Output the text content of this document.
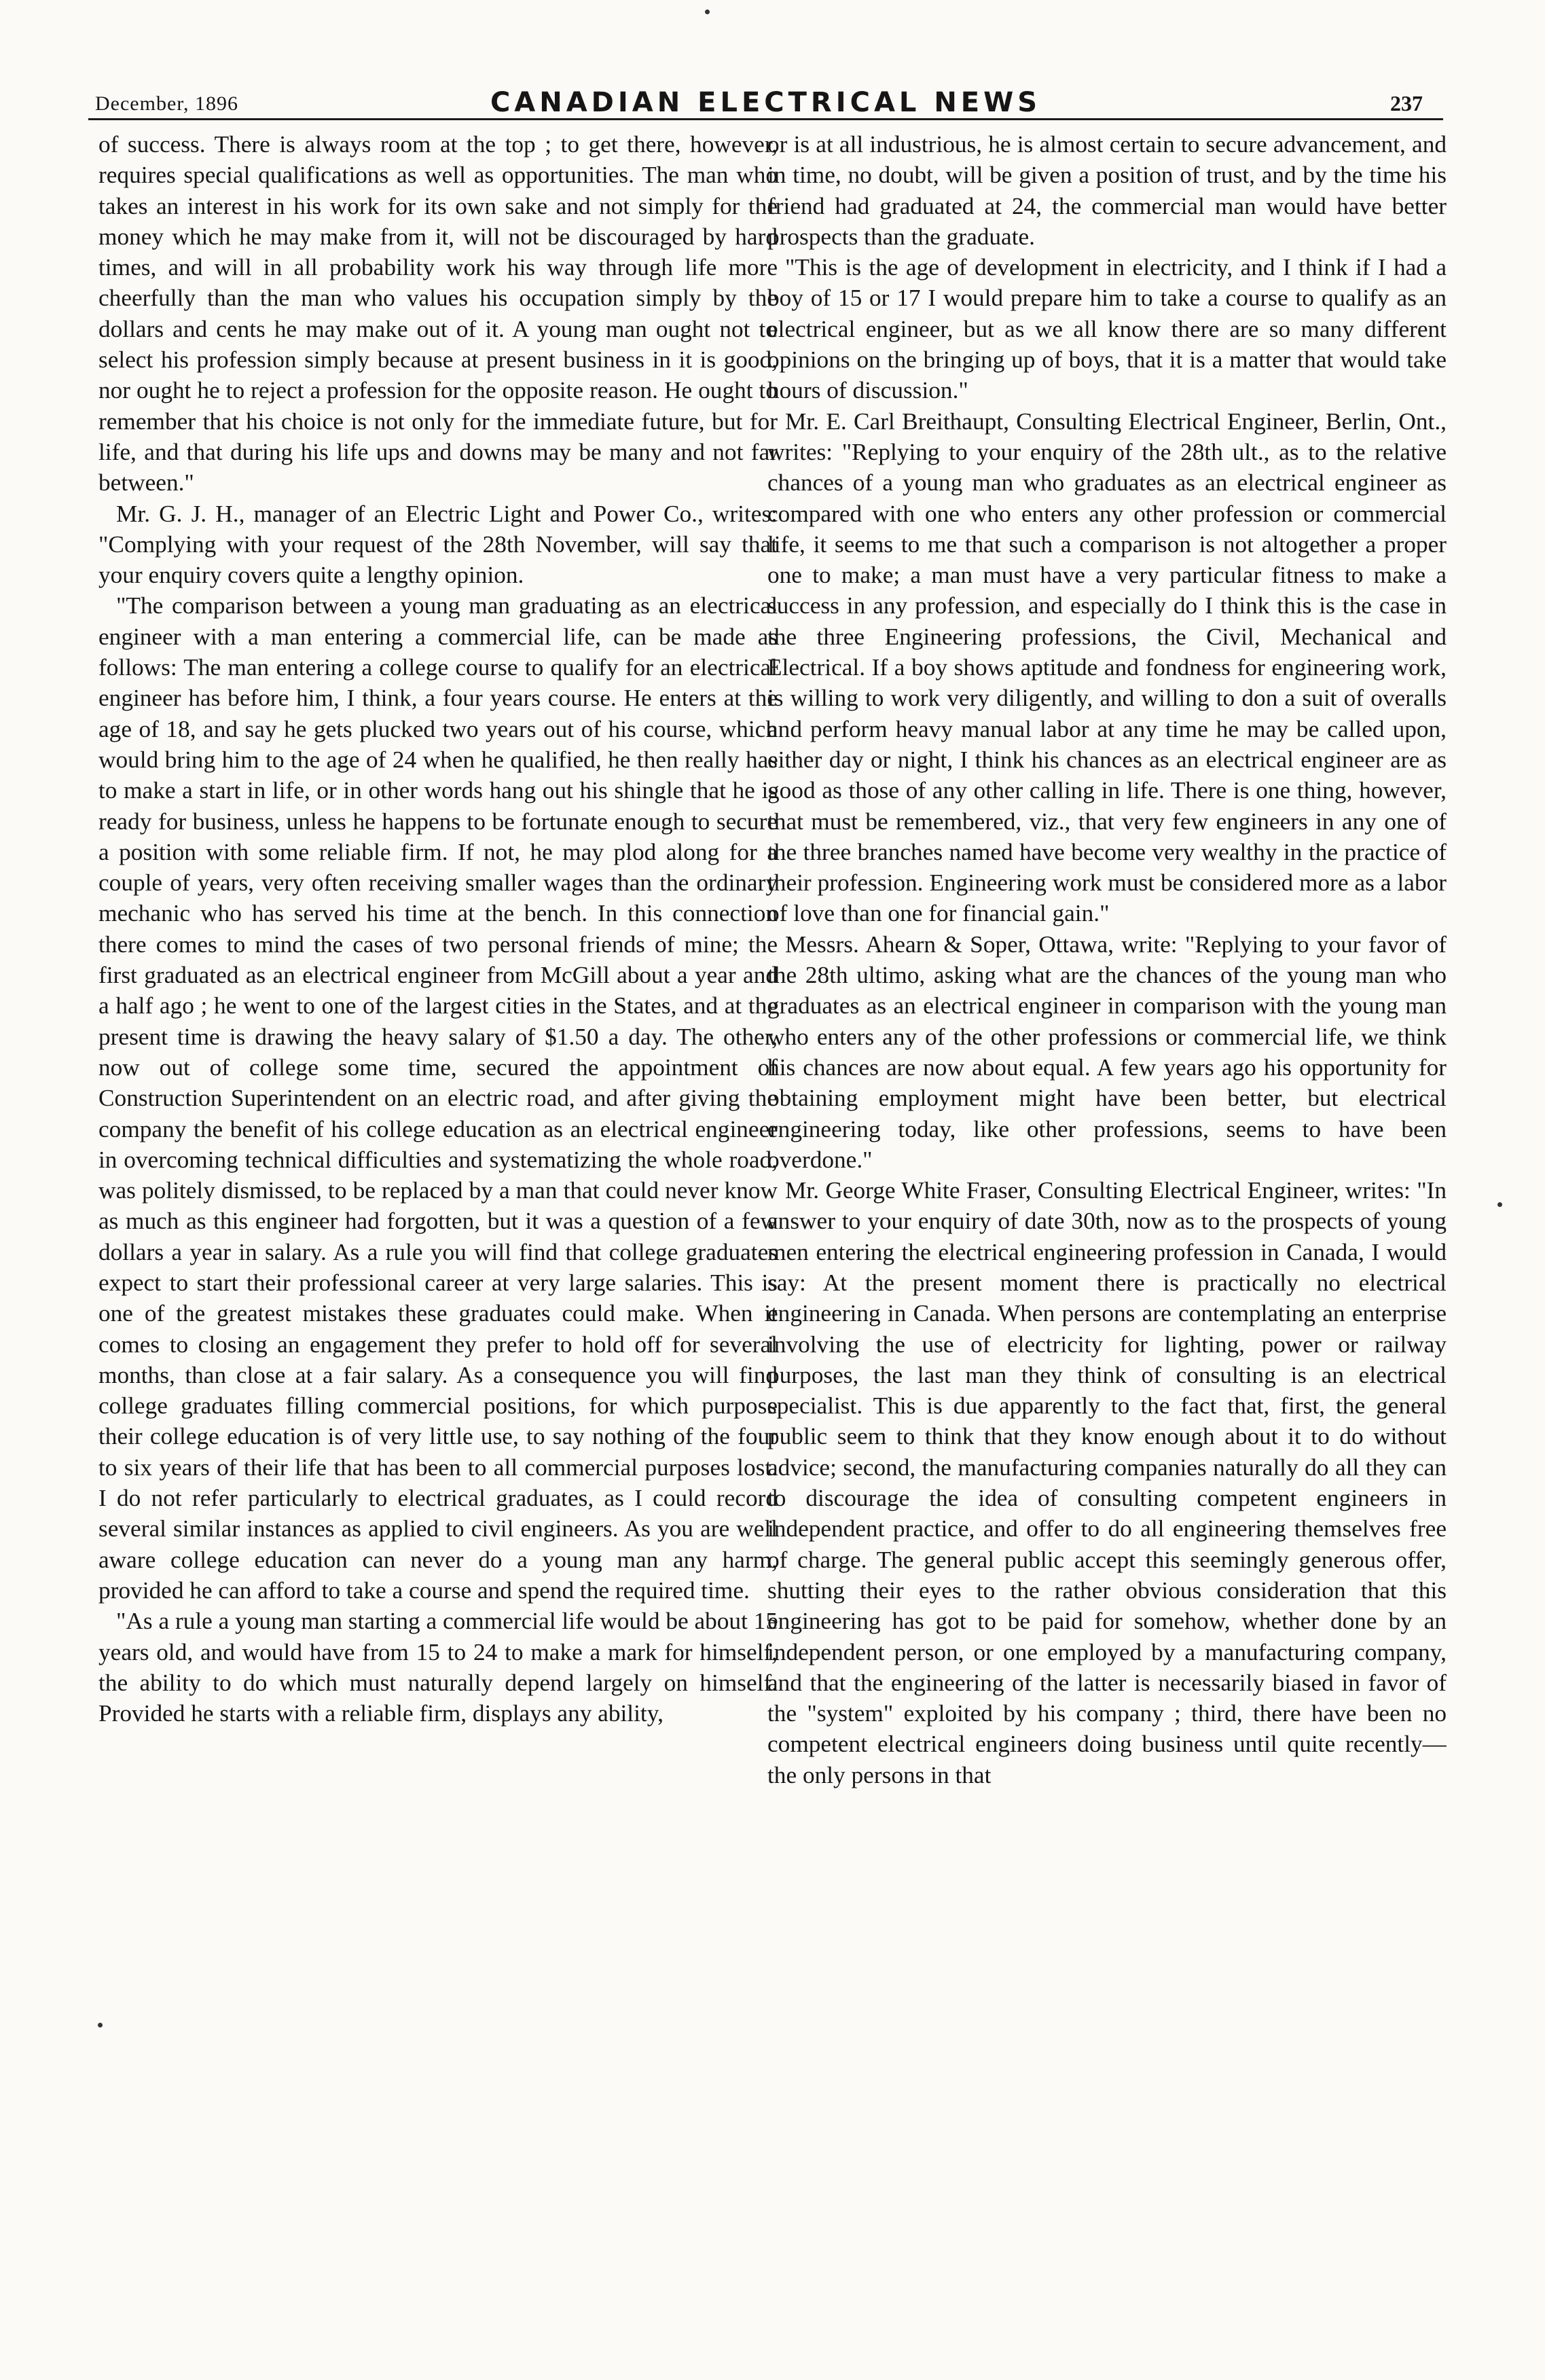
December, 1896	CANADIAN ELECTRICAL NEWS	237

of success. There is always room at the top ; to get there, however, requires special qualifications as well as opportunities. The man who takes an interest in his work for its own sake and not simply for the money which he may make from it, will not be discouraged by hard times, and will in all probability work his way through life more cheerfully than the man who values his occupation simply by the dollars and cents he may make out of it. A young man ought not to select his profession simply because at present business in it is good, nor ought he to reject a profession for the opposite reason. He ought to remember that his choice is not only for the immediate future, but for life, and that during his life ups and downs may be many and not far between."

Mr. G. J. H., manager of an Electric Light and Power Co., writes: "Complying with your request of the 28th November, will say that your enquiry covers quite a lengthy opinion.

"The comparison between a young man graduating as an electrical engineer with a man entering a commercial life, can be made as follows: The man entering a college course to qualify for an electrical engineer has before him, I think, a four years course. He enters at the age of 18, and say he gets plucked two years out of his course, which would bring him to the age of 24 when he qualified, he then really has to make a start in life, or in other words hang out his shingle that he is ready for business, unless he happens to be fortunate enough to secure a position with some reliable firm. If not, he may plod along for a couple of years, very often receiving smaller wages than the ordinary mechanic who has served his time at the bench. In this connection there comes to mind the cases of two personal friends of mine; the first graduated as an electrical engineer from McGill about a year and a half ago ; he went to one of the largest cities in the States, and at the present time is drawing the heavy salary of $1.50 a day. The other, now out of college some time, secured the appointment of Construction Superintendent on an electric road, and after giving the company the benefit of his college education as an electrical engineer in overcoming technical difficulties and systematizing the whole road, was politely dismissed, to be replaced by a man that could never know as much as this engineer had forgotten, but it was a question of a few dollars a year in salary. As a rule you will find that college graduates expect to start their professional career at very large salaries. This is one of the greatest mistakes these graduates could make. When it comes to closing an engagement they prefer to hold off for several months, than close at a fair salary. As a consequence you will find college graduates filling commercial positions, for which purpose their college education is of very little use, to say nothing of the four to six years of their life that has been to all commercial purposes lost. I do not refer particularly to electrical graduates, as I could record several similar instances as applied to civil engineers. As you are well aware college education can never do a young man any harm, provided he can afford to take a course and spend the required time.

"As a rule a young man starting a commercial life would be about 15 years old, and would have from 15 to 24 to make a mark for himself, the ability to do which must naturally depend largely on himself. Provided he starts with a reliable firm, displays any ability,

or is at all industrious, he is almost certain to secure advancement, and in time, no doubt, will be given a position of trust, and by the time his friend had graduated at 24, the commercial man would have better prospects than the graduate.

"This is the age of development in electricity, and I think if I had a boy of 15 or 17 I would prepare him to take a course to qualify as an electrical engineer, but as we all know there are so many different opinions on the bringing up of boys, that it is a matter that would take hours of discussion."

Mr. E. Carl Breithaupt, Consulting Electrical Engineer, Berlin, Ont., writes: "Replying to your enquiry of the 28th ult., as to the relative chances of a young man who graduates as an electrical engineer as compared with one who enters any other profession or commercial life, it seems to me that such a comparison is not altogether a proper one to make; a man must have a very particular fitness to make a success in any profession, and especially do I think this is the case in the three Engineering professions, the Civil, Mechanical and Electrical. If a boy shows aptitude and fondness for engineering work, is willing to work very diligently, and willing to don a suit of overalls and perform heavy manual labor at any time he may be called upon, either day or night, I think his chances as an electrical engineer are as good as those of any other calling in life. There is one thing, however, that must be remembered, viz., that very few engineers in any one of the three branches named have become very wealthy in the practice of their profession. Engineering work must be considered more as a labor of love than one for financial gain."

Messrs. Ahearn & Soper, Ottawa, write: "Replying to your favor of the 28th ultimo, asking what are the chances of the young man who graduates as an electrical engineer in comparison with the young man who enters any of the other professions or commercial life, we think his chances are now about equal. A few years ago his opportunity for obtaining employment might have been better, but electrical engineering today, like other professions, seems to have been overdone."

Mr. George White Fraser, Consulting Electrical Engineer, writes: "In answer to your enquiry of date 30th, now as to the prospects of young men entering the electrical engineering profession in Canada, I would say: At the present moment there is practically no electrical engineering in Canada. When persons are contemplating an enterprise involving the use of electricity for lighting, power or railway purposes, the last man they think of consulting is an electrical specialist. This is due apparently to the fact that, first, the general public seem to think that they know enough about it to do without advice; second, the manufacturing companies naturally do all they can to discourage the idea of consulting competent engineers in independent practice, and offer to do all engineering themselves free of charge. The general public accept this seemingly generous offer, shutting their eyes to the rather obvious consideration that this engineering has got to be paid for somehow, whether done by an independent person, or one employed by a manufacturing company, and that the engineering of the latter is necessarily biased in favor of the "system" exploited by his company ; third, there have been no competent electrical engineers doing business until quite recently—the only persons in that
